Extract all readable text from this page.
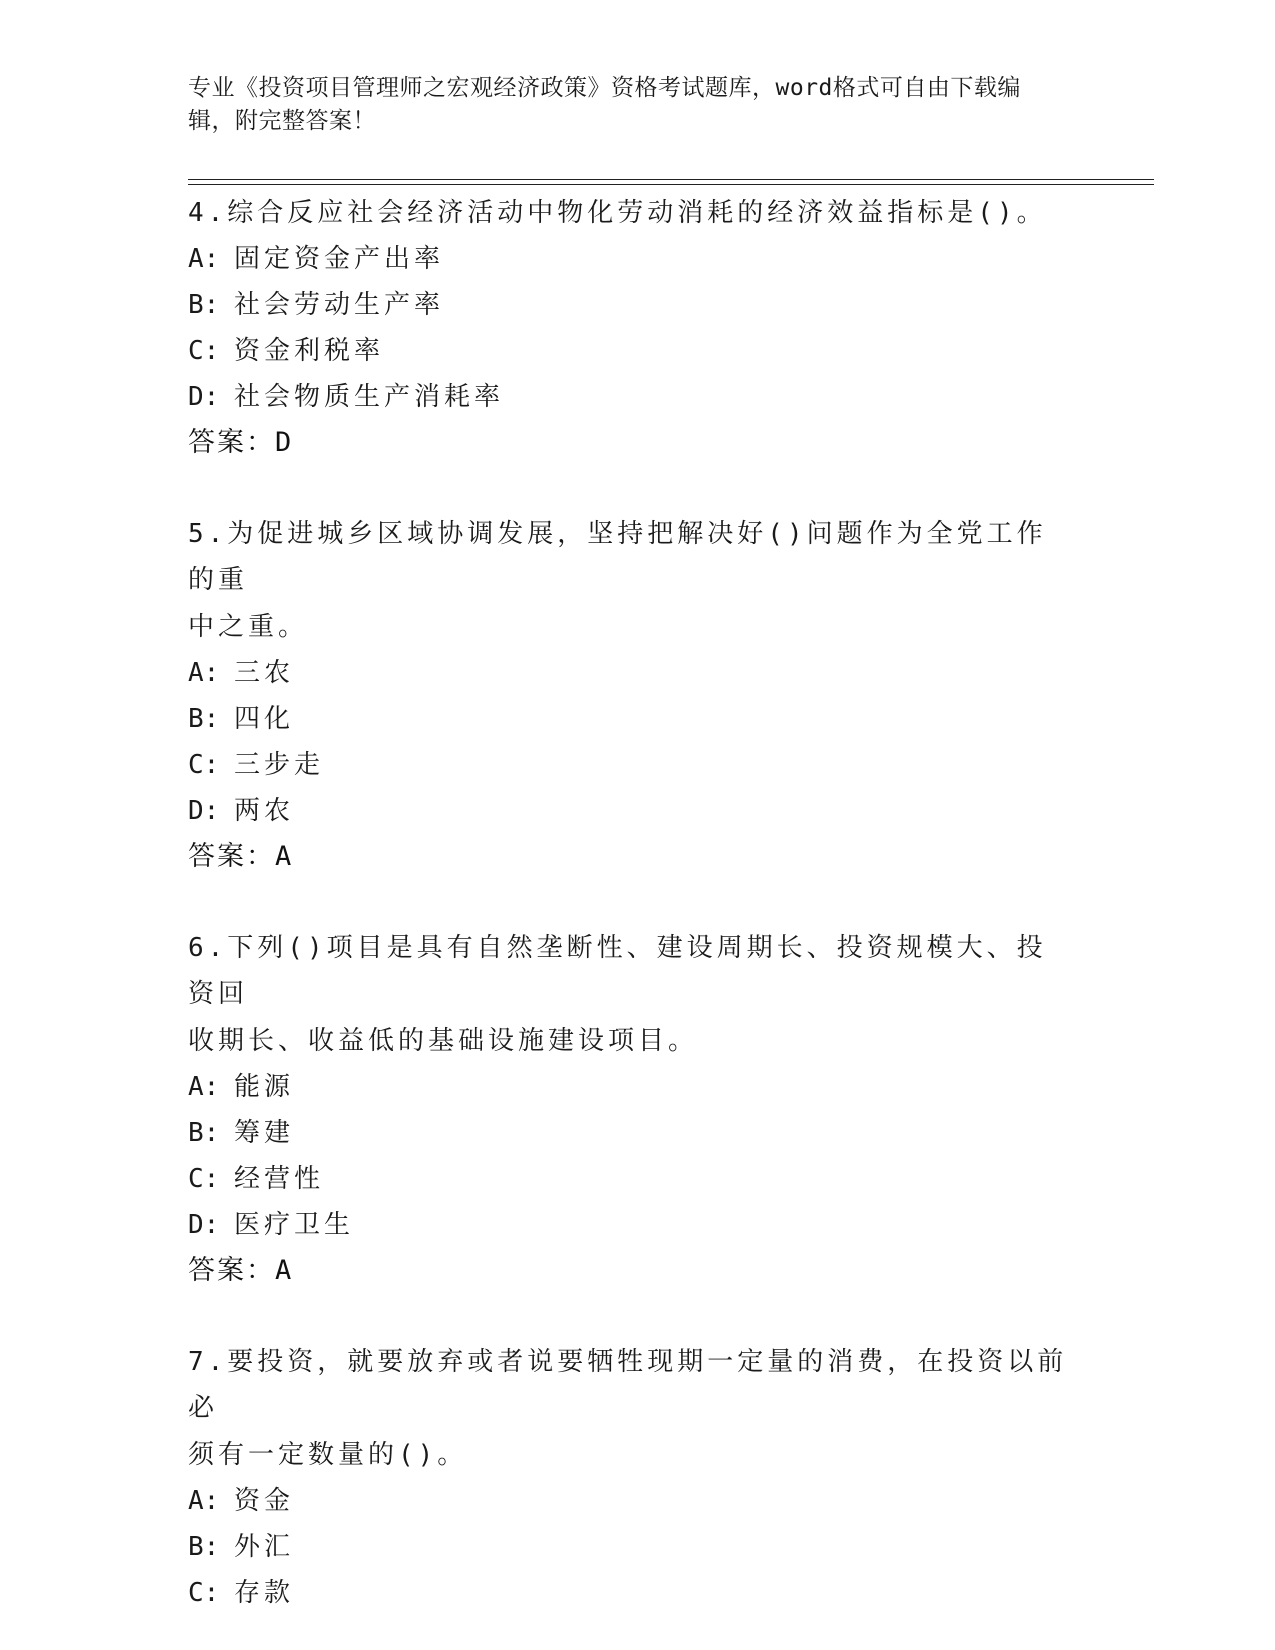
专业《投资项目管理师之宏观经济政策》资格考试题库，word格式可自由下载编
辑，附完整答案！
4.综合反应社会经济活动中物化劳动消耗的经济效益指标是()。
A: 固定资金产出率
B: 社会劳动生产率
C: 资金利税率
D: 社会物质生产消耗率
答案：D
5.为促进城乡区域协调发展，坚持把解决好()问题作为全党工作的重
中之重。
A: 三农
B: 四化
C: 三步走
D: 两农
答案：A
6.下列()项目是具有自然垄断性、建设周期长、投资规模大、投资回
收期长、收益低的基础设施建设项目。
A: 能源
B: 筹建
C: 经营性
D: 医疗卫生
答案：A
7.要投资，就要放弃或者说要牺牲现期一定量的消费，在投资以前必
须有一定数量的()。
A: 资金
B: 外汇
C: 存款
